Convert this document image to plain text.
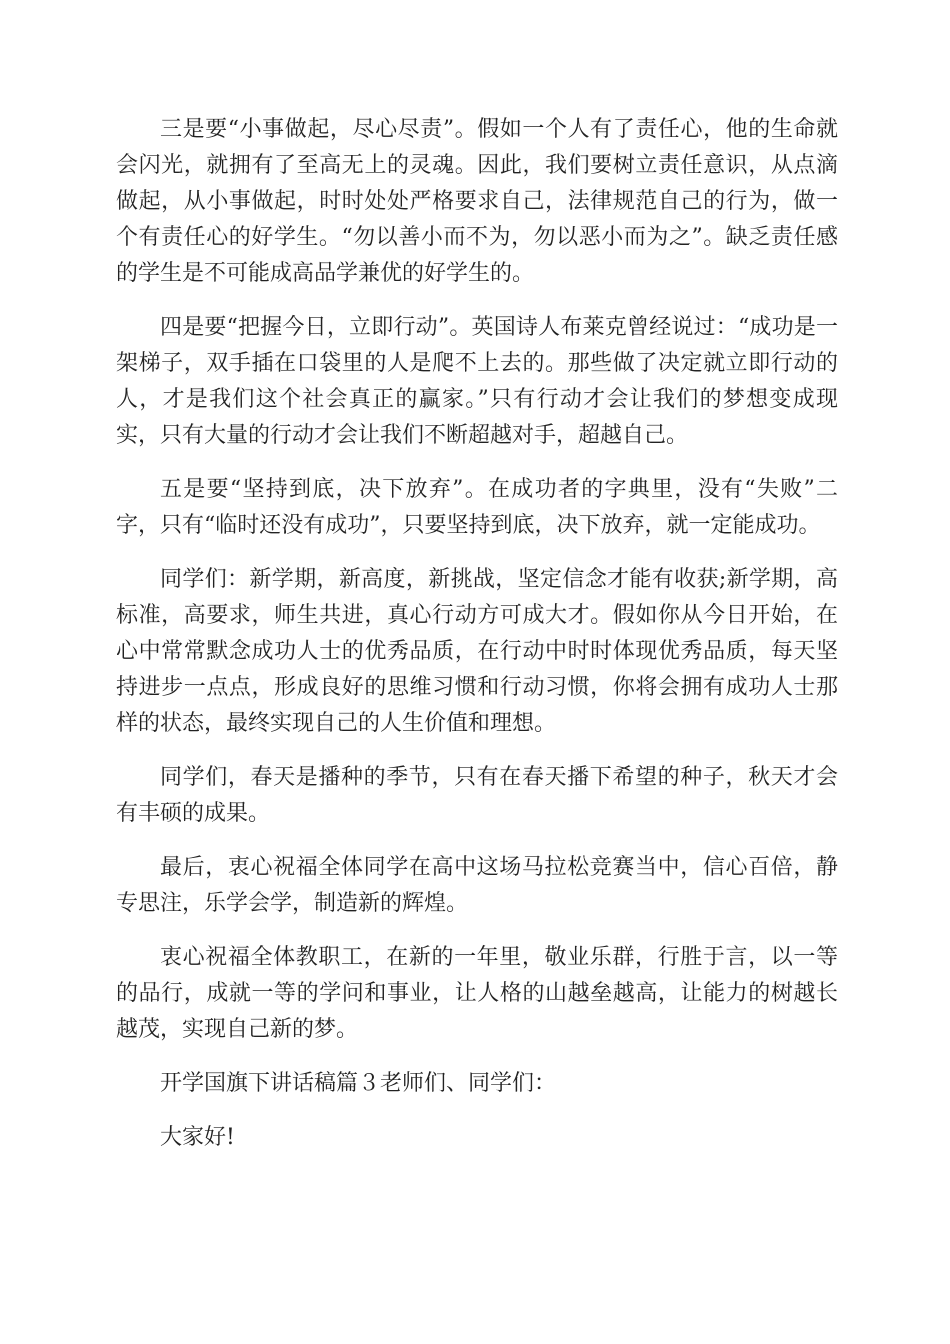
三是要“小事做起，尽心尽责”。假如一个人有了责任心，他的生命就会闪光，就拥有了至高无上的灵魂。因此，我们要树立责任意识，从点滴做起，从小事做起，时时处处严格要求自己，法律规范自己的行为，做一个有责任心的好学生。“勿以善小而不为，勿以恶小而为之”。缺乏责任感的学生是不可能成高品学兼优的好学生的。

四是要“把握今日，立即行动”。英国诗人布莱克曾经说过：“成功是一架梯子，双手插在口袋里的人是爬不上去的。那些做了决定就立即行动的人，才是我们这个社会真正的赢家。”只有行动才会让我们的梦想变成现实，只有大量的行动才会让我们不断超越对手，超越自己。

五是要“坚持到底，决下放弃”。在成功者的字典里，没有“失败”二字，只有“临时还没有成功”，只要坚持到底，决下放弃，就一定能成功。

同学们：新学期，新高度，新挑战，坚定信念才能有收获;新学期，高标准，高要求，师生共进，真心行动方可成大才。假如你从今日开始，在心中常常默念成功人士的优秀品质，在行动中时时体现优秀品质，每天坚持进步一点点，形成良好的思维习惯和行动习惯，你将会拥有成功人士那样的状态，最终实现自己的人生价值和理想。

同学们，春天是播种的季节，只有在春天播下希望的种子，秋天才会有丰硕的成果。

最后，衷心祝福全体同学在高中这场马拉松竞赛当中，信心百倍，静专思注，乐学会学，制造新的辉煌。

衷心祝福全体教职工，在新的一年里，敬业乐群，行胜于言，以一等的品行，成就一等的学问和事业，让人格的山越垒越高，让能力的树越长越茂，实现自己新的梦。

开学国旗下讲话稿篇３老师们、同学们：

大家好!
